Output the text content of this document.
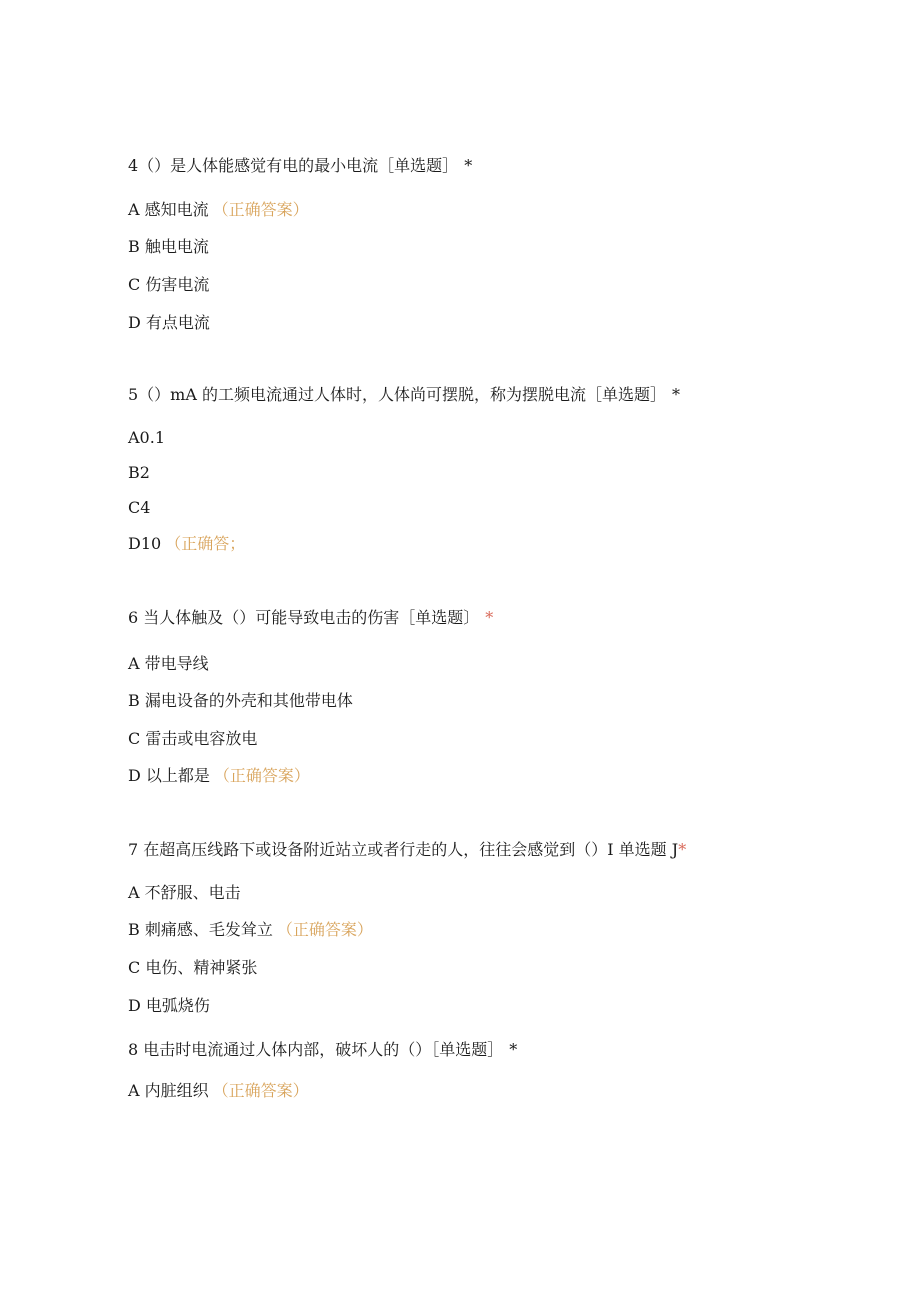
4（）是人体能感觉有电的最小电流［单选题］ *
A 感知电流 （正确答案）
B 触电电流
C 伤害电流
D 有点电流
5（）mA 的工频电流通过人体时，人体尚可摆脱，称为摆脱电流［单选题］ *
A0.1
B2
C4
D10 （正确答；
6 当人体触及（）可能导致电击的伤害［单选题〕 *
A 带电导线
B 漏电设备的外壳和其他带电体
C 雷击或电容放电
D 以上都是 （正确答案）
7 在超高压线路下或设备附近站立或者行走的人，往往会感觉到（）I 单选题 J*
A 不舒服、电击
B 刺痛感、毛发耸立 （正确答案）
C 电伤、精神紧张
D 电弧烧伤
8 电击时电流通过人体内部，破坏人的（）［单选题］ *
A 内脏组织 （正确答案）
